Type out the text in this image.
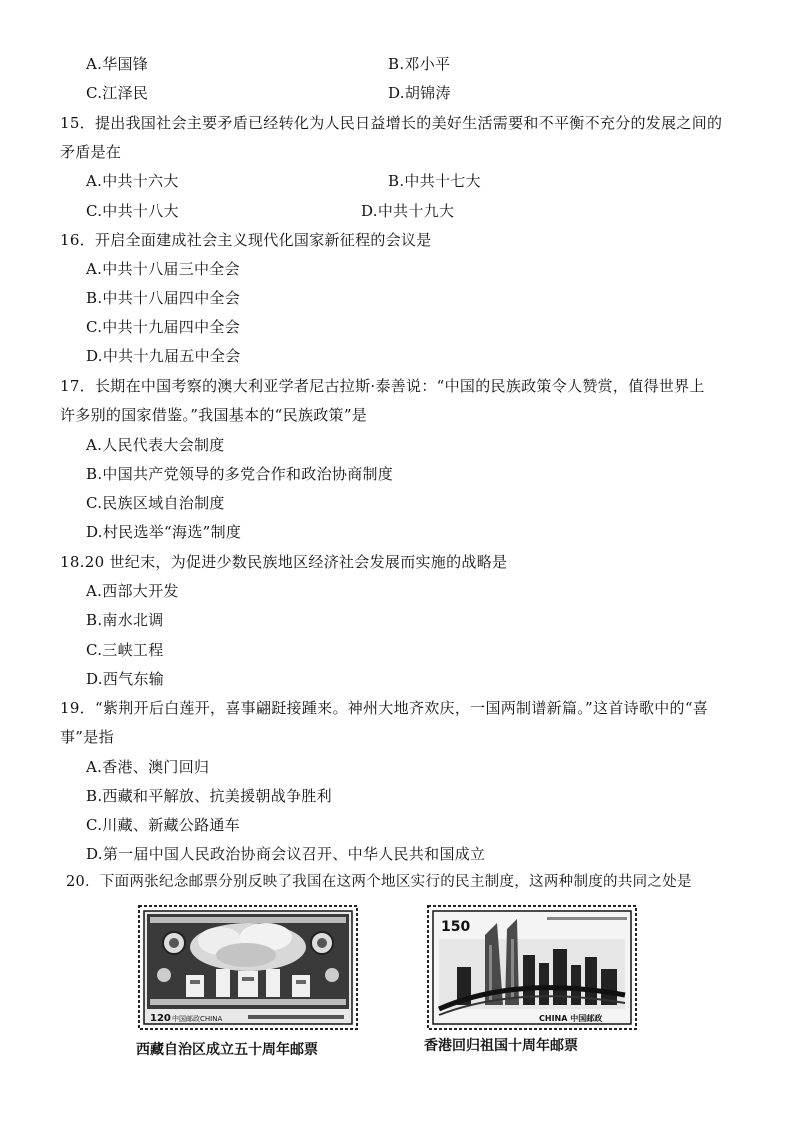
A.华国锋	B.邓小平
C.江泽民	D.胡锦涛
15．提出我国社会主要矛盾已经转化为人民日益增长的美好生活需要和不平衡不充分的发展之间的
矛盾是在
A.中共十六大	B.中共十七大
C.中共十八大	D.中共十九大
16．开启全面建成社会主义现代化国家新征程的会议是
A.中共十八届三中全会
B.中共十八届四中全会
C.中共十九届四中全会
D.中共十九届五中全会
17．长期在中国考察的澳大利亚学者尼古拉斯·泰善说：“中国的民族政策令人赞赏，值得世界上
许多别的国家借鉴。”我国基本的“民族政策”是
A.人民代表大会制度
B.中国共产党领导的多党合作和政治协商制度
C.民族区域自治制度
D.村民选举“海选”制度
18.20 世纪末，为促进少数民族地区经济社会发展而实施的战略是
A.西部大开发
B.南水北调
C.三峡工程
D.西气东输
19．“紫荆开后白莲开，喜事翩跹接踵来。神州大地齐欢庆，一国两制谱新篇。”这首诗歌中的“喜
事”是指
A.香港、澳门回归
B.西藏和平解放、抗美援朝战争胜利
C.川藏、新藏公路通车
D.第一届中国人民政治协商会议召开、中华人民共和国成立
20．下面两张纪念邮票分别反映了我国在这两个地区实行的民主制度，这两种制度的共同之处是
120 中国邮政CHINA
西藏自治区成立五十周年邮票
150
CHINA 中国邮政
香港回归祖国十周年邮票
